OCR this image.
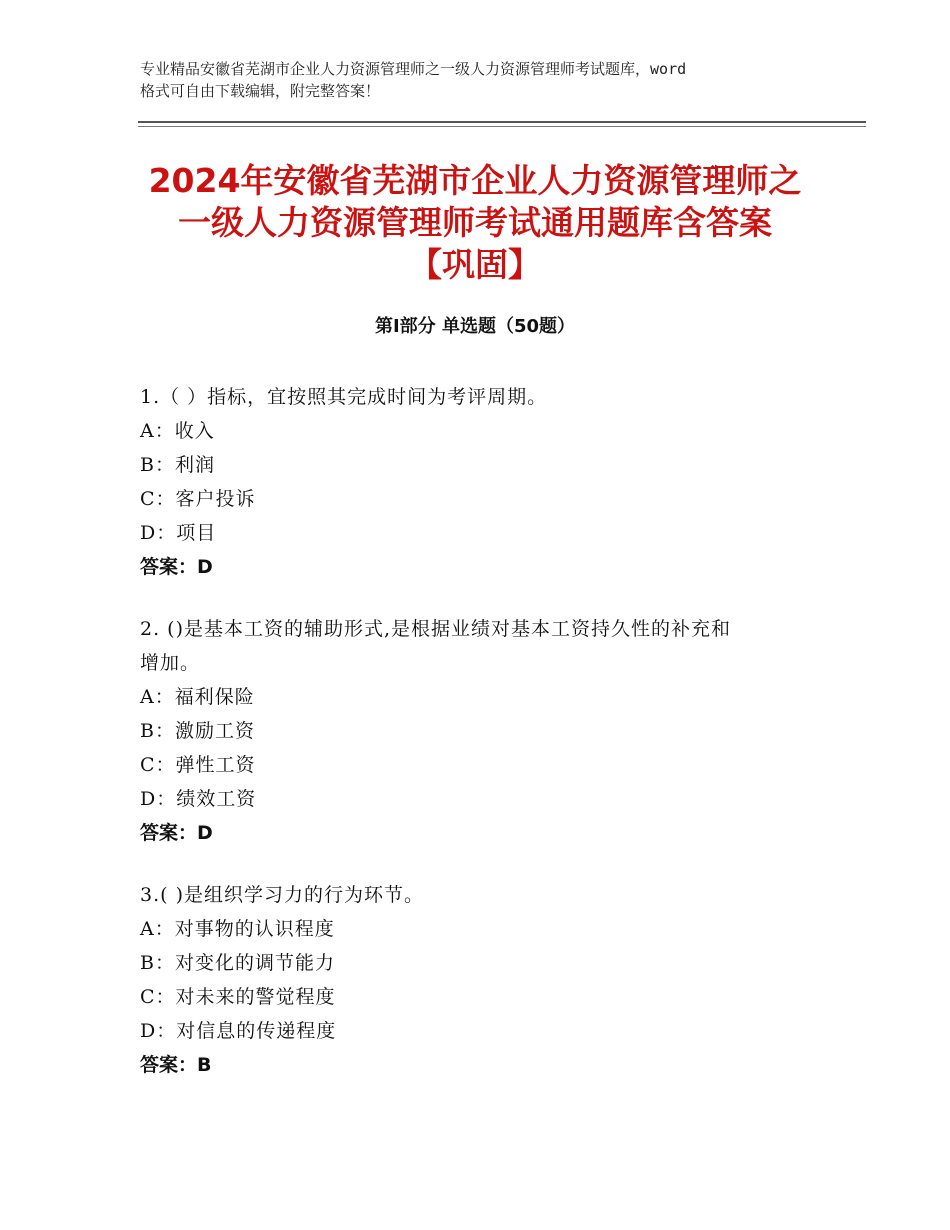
专业精品安徽省芜湖市企业人力资源管理师之一级人力资源管理师考试题库，word
格式可自由下载编辑，附完整答案！
2024年安徽省芜湖市企业人力资源管理师之
一级人力资源管理师考试通用题库含答案
【巩固】
第Ⅰ部分 单选题（50题）
1.（ ）指标，宜按照其完成时间为考评周期。
A：收入
B：利润
C：客户投诉
D：项目
答案：D
2. ()是基本工资的辅助形式,是根据业绩对基本工资持久性的补充和
增加。
A：福利保险
B：激励工资
C：弹性工资
D：绩效工资
答案：D
3.( )是组织学习力的行为环节。
A：对事物的认识程度
B：对变化的调节能力
C：对未来的警觉程度
D：对信息的传递程度
答案：B
